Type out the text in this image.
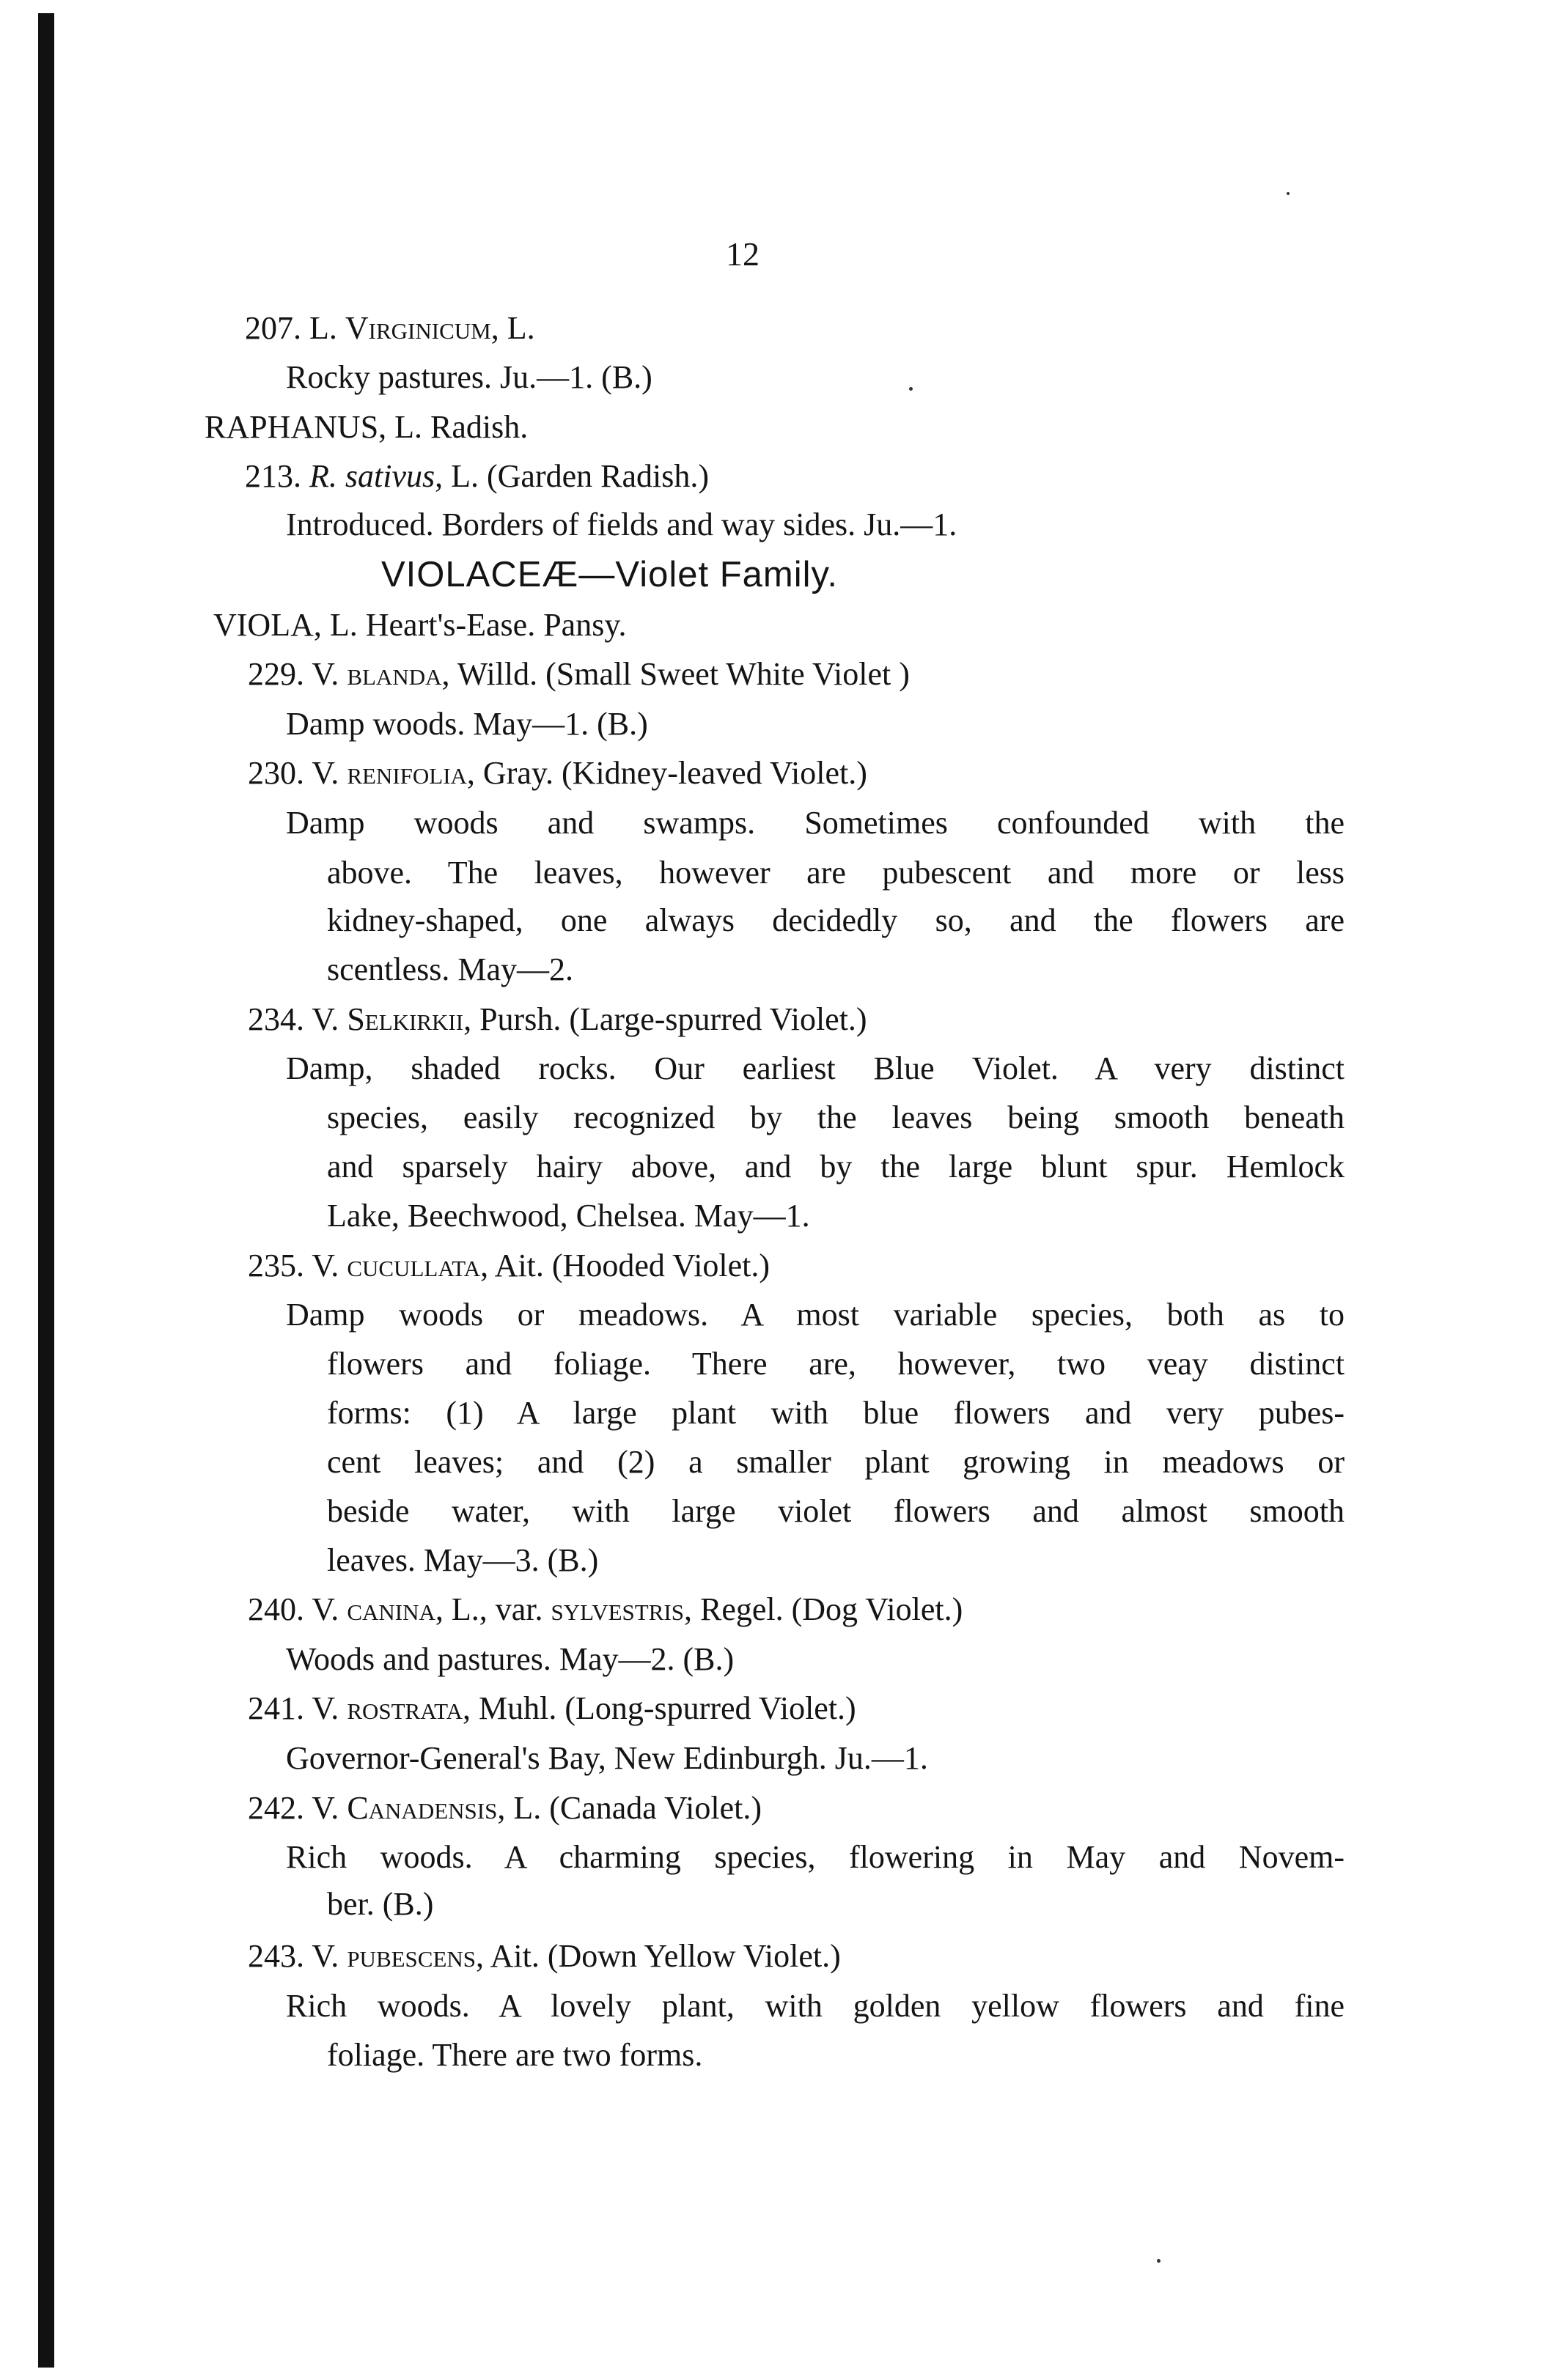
12
207. L. Virginicum, L.
Rocky pastures. Ju.—1. (B.)
RAPHANUS, L. Radish.
213. R. sativus, L. (Garden Radish.)
Introduced. Borders of fields and way sides. Ju.—1.
VIOLACEÆ—Violet Family.
VIOLA, L. Heart's-Ease. Pansy.
229. V. blanda, Willd. (Small Sweet White Violet )
Damp woods. May—1. (B.)
230. V. renifolia, Gray. (Kidney-leaved Violet.)
Damp woods and swamps. Sometimes confounded with the
above. The leaves, however are pubescent and more or less
kidney-shaped, one always decidedly so, and the flowers are
scentless. May—2.
234. V. Selkirkii, Pursh. (Large-spurred Violet.)
Damp, shaded rocks. Our earliest Blue Violet. A very distinct
species, easily recognized by the leaves being smooth beneath
and sparsely hairy above, and by the large blunt spur. Hemlock
Lake, Beechwood, Chelsea. May—1.
235. V. cucullata, Ait. (Hooded Violet.)
Damp woods or meadows. A most variable species, both as to
flowers and foliage. There are, however, two veay distinct
forms: (1) A large plant with blue flowers and very pubes-
cent leaves; and (2) a smaller plant growing in meadows or
beside water, with large violet flowers and almost smooth
leaves. May—3. (B.)
240. V. canina, L., var. sylvestris, Regel. (Dog Violet.)
Woods and pastures. May—2. (B.)
241. V. rostrata, Muhl. (Long-spurred Violet.)
Governor-General's Bay, New Edinburgh. Ju.—1.
242. V. Canadensis, L. (Canada Violet.)
Rich woods. A charming species, flowering in May and Novem-
ber. (B.)
243. V. pubescens, Ait. (Down Yellow Violet.)
Rich woods. A lovely plant, with golden yellow flowers and fine
foliage. There are two forms.
